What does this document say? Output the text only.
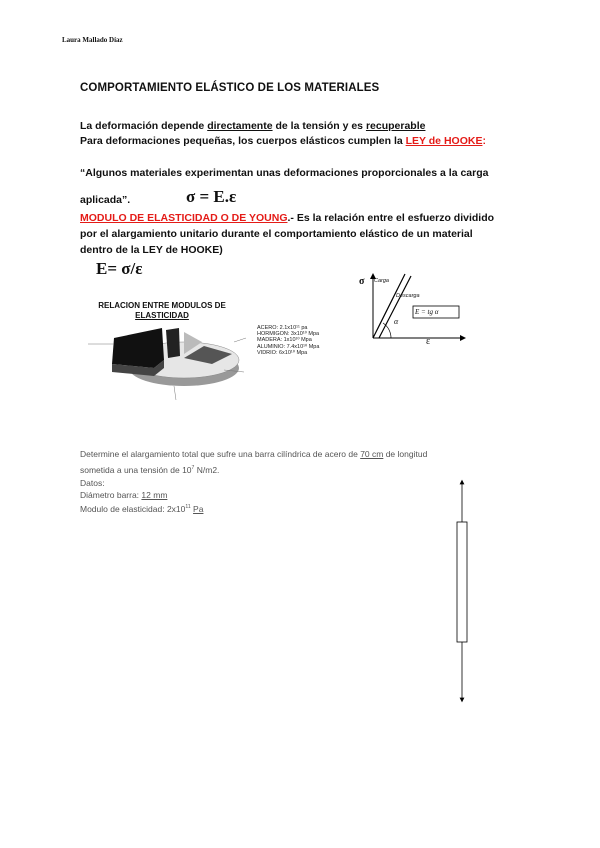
Laura Mallado Díaz
COMPORTAMIENTO ELÁSTICO DE LOS MATERIALES
La deformación depende directamente de la tensión y es recuperable
Para deformaciones pequeñas, los cuerpos elásticos cumplen la LEY de HOOKE:
“Algunos materiales experimentan unas deformaciones proporcionales a la carga
aplicada”.	σ = E.ε
MODULO DE ELASTICIDAD O DE YOUNG.- Es la relación entre el esfuerzo dividido
por el alargamiento unitario durante el comportamiento elástico de un material
dentro de la LEY de HOOKE)
E= σ/ε
RELACION ENTRE MODULOS DE
ELASTICIDAD
ACERO: 2.1x10¹¹ pa
HORMIGON: 3x10¹⁰ Mpa
MADERA: 1x10¹⁰ Mpa
ALUMINIO: 7.4x10¹⁰ Mpa
VIDRIO: 6x10¹⁰ Mpa
σ
ε
Carga
Descarga
α
E = tg α
Determine el alargamiento total que sufre una barra cilíndrica de acero de 70 cm de longitud
sometida a una tensión de $10^7$ N/m2.
Datos:
Diámetro barra: 12 mm
Modulo de elasticidad: $2x10^{11}$ Pa
